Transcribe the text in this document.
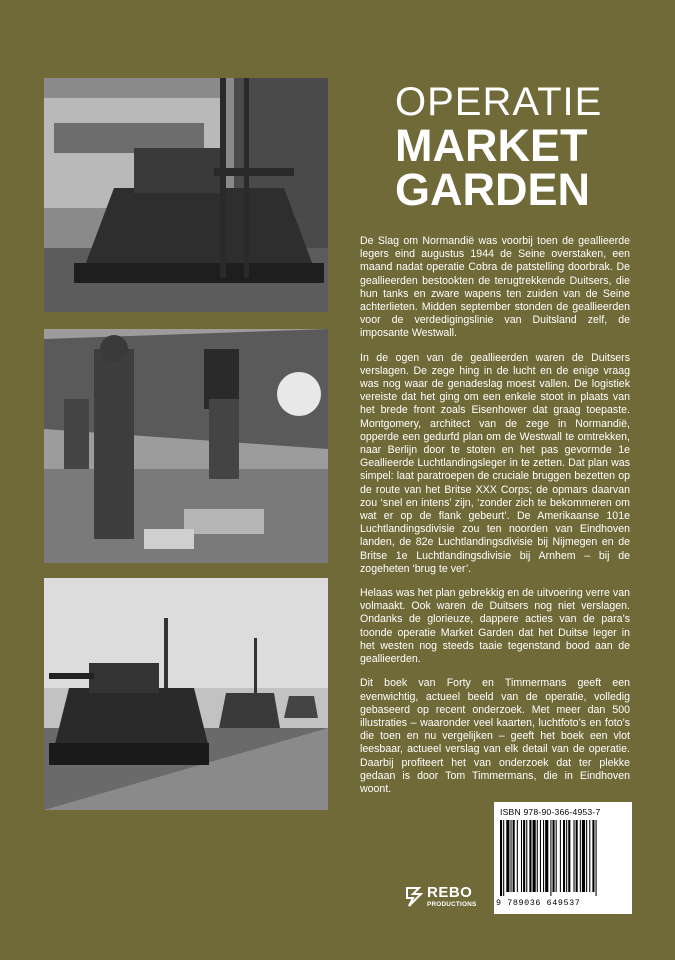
OPERATIE
MARKET
GARDEN

De Slag om Normandië was voorbij toen de geallieerde legers eind augustus 1944 de Seine overstaken, een maand nadat operatie Cobra de patstelling doorbrak. De geallieerden bestookten de terugtrekkende Duitsers, die hun tanks en zware wapens ten zuiden van de Seine achterlieten. Midden september stonden de geallieerden voor de verdedigingslinie van Duitsland zelf, de imposante Westwall.

In de ogen van de geallieerden waren de Duitsers verslagen. De zege hing in de lucht en de enige vraag was nog waar de genadeslag moest vallen. De logistiek vereiste dat het ging om een enkele stoot in plaats van het brede front zoals Eisenhower dat graag toepaste. Montgomery, architect van de zege in Normandië, opperde een gedurfd plan om de Westwall te omtrekken, naar Berlijn door te stoten en het pas gevormde 1e Geallieerde Luchtlandingsleger in te zetten. Dat plan was simpel: laat paratroepen de cruciale bruggen bezetten op de route van het Britse XXX Corps; de opmars daarvan zou ‘snel en intens’ zijn, ‘zonder zich te bekommeren om wat er op de flank gebeurt’. De Amerikaanse 101e Luchtlandingsdivisie zou ten noorden van Eindhoven landen, de 82e Luchtlandingsdivisie bij Nijmegen en de Britse 1e Luchtlandingsdivisie bij Arnhem – bij de zogeheten ‘brug te ver’.

Helaas was het plan gebrekkig en de uitvoering verre van volmaakt. Ook waren de Duitsers nog niet verslagen. Ondanks de glorieuze, dappere acties van de para’s toonde operatie Market Garden dat het Duitse leger in het westen nog steeds taaie tegenstand bood aan de geallieerden.

Dit boek van Forty en Timmermans geeft een evenwichtig, actueel beeld van de operatie, volledig gebaseerd op recent onderzoek. Met meer dan 500 illustraties – waaronder veel kaarten, luchtfoto’s en foto’s die toen en nu vergelijken – geeft het boek een vlot leesbaar, actueel verslag van elk detail van de operatie. Daarbij profiteert het van onderzoek dat ter plekke gedaan is door Tom Timmermans, die in Eindhoven woont.

REBO
PRODUCTIONS
ISBN 978-90-366-4953-7
9 789036 649537
